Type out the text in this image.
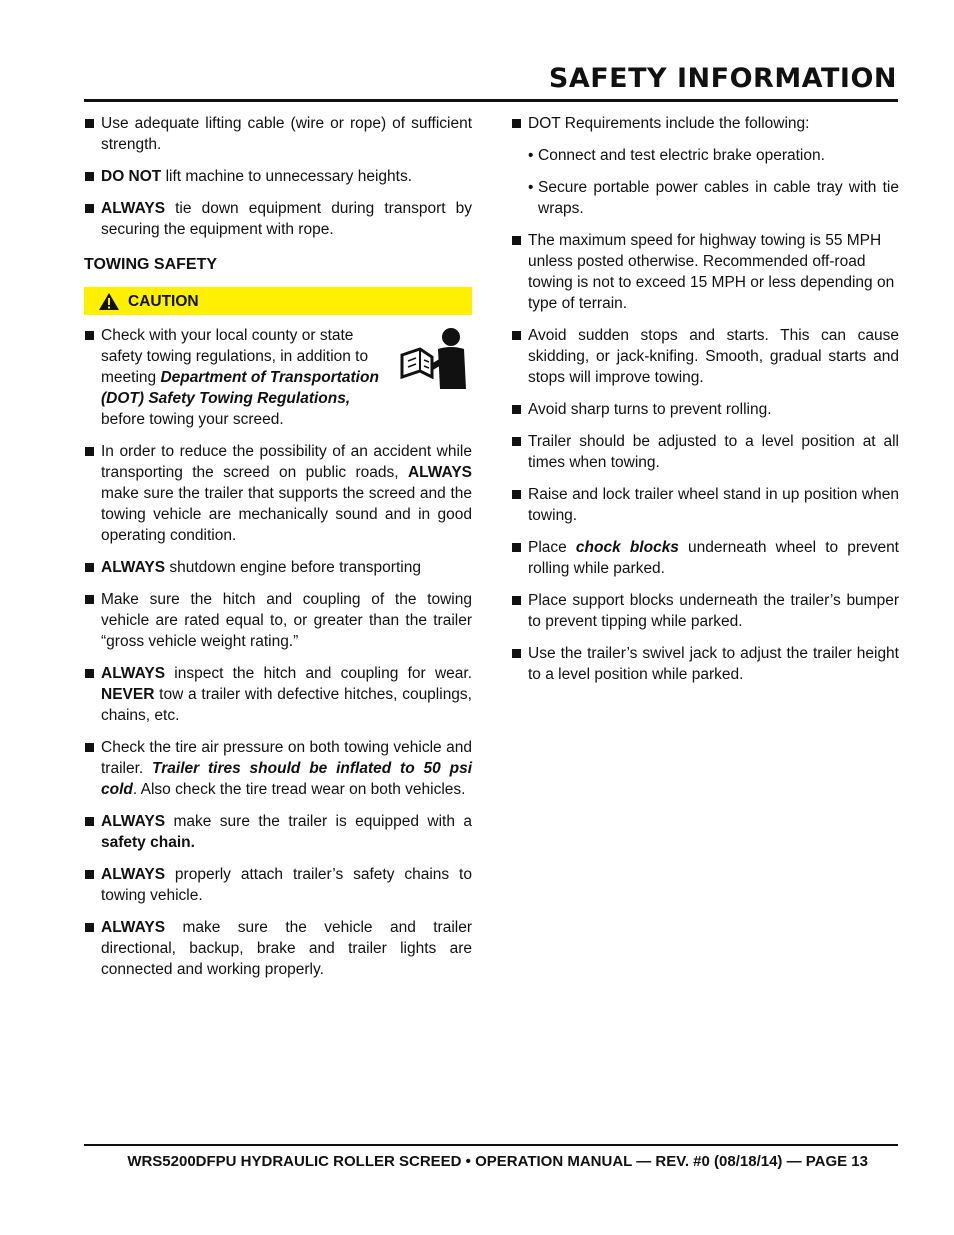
SAFETY INFORMATION
Use adequate lifting cable (wire or rope) of sufficient strength.
DO NOT lift machine to unnecessary heights.
ALWAYS tie down equipment during transport by securing the equipment with rope.
TOWING SAFETY
CAUTION
Check with your local county or state safety towing regulations, in addition to meeting Department of Transportation (DOT) Safety Towing Regulations, before towing your screed.
In order to reduce the possibility of an accident while transporting the screed on public roads, ALWAYS make sure the trailer that supports the screed and the towing vehicle are mechanically sound and in good operating condition.
ALWAYS shutdown engine before transporting
Make sure the hitch and coupling of the towing vehicle are rated equal to, or greater than the trailer “gross vehicle weight rating.”
ALWAYS inspect the hitch and coupling for wear. NEVER tow a trailer with defective hitches, couplings, chains, etc.
Check the tire air pressure on both towing vehicle and trailer. Trailer tires should be inflated to 50 psi cold. Also check the tire tread wear on both vehicles.
ALWAYS make sure the trailer is equipped with a safety chain.
ALWAYS properly attach trailer’s safety chains to towing vehicle.
ALWAYS make sure the vehicle and trailer directional, backup, brake and trailer lights are connected and working properly.
DOT Requirements include the following:
• Connect and test electric brake operation.
• Secure portable power cables in cable tray with tie wraps.
The maximum speed for highway towing is 55 MPH unless posted otherwise. Recommended off-road towing is not to exceed 15 MPH or less depending on type of terrain.
Avoid sudden stops and starts. This can cause skidding, or jack-knifing. Smooth, gradual starts and stops will improve towing.
Avoid sharp turns to prevent rolling.
Trailer should be adjusted to a level position at all times when towing.
Raise and lock trailer wheel stand in up position when towing.
Place chock blocks underneath wheel to prevent rolling while parked.
Place support blocks underneath the trailer’s bumper to prevent tipping while parked.
Use the trailer’s swivel jack to adjust the trailer height to a level position while parked.
WRS5200DFPU HYDRAULIC ROLLER SCREED • OPERATION MANUAL — REV. #0 (08/18/14) — PAGE 13
